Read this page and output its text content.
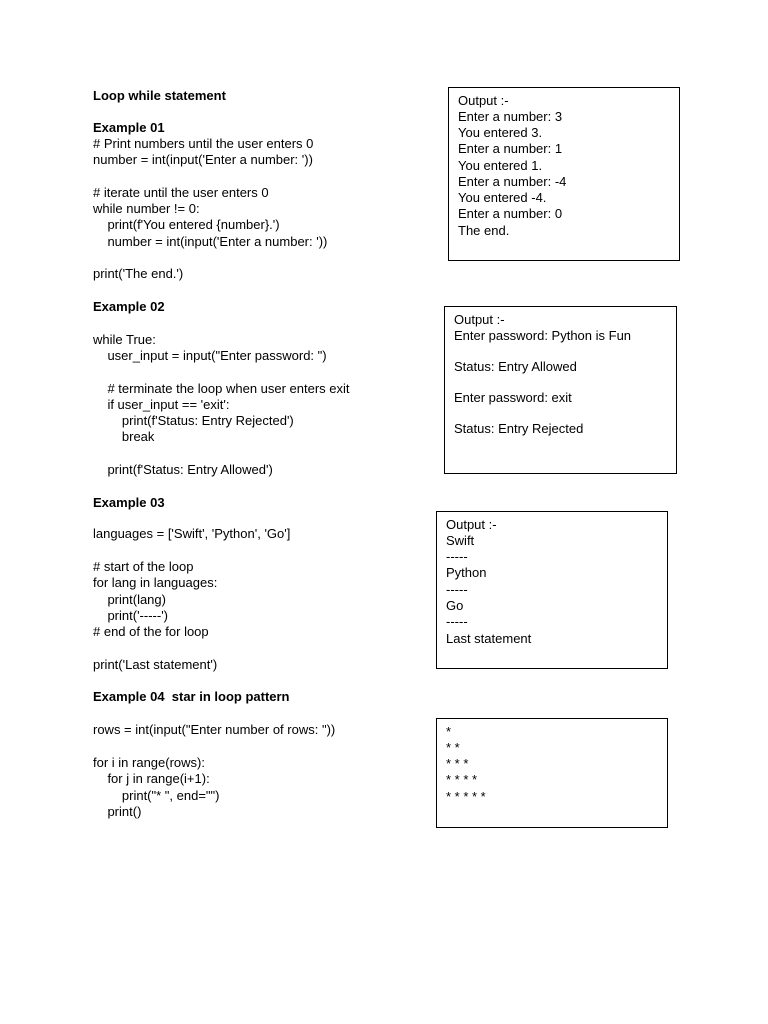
Loop while statement
Example 01
# Print numbers until the user enters 0
number = int(input('Enter a number: '))
# iterate until the user enters 0
while number != 0:
print(f'You entered {number}.')
number = int(input('Enter a number: '))
print('The end.')
Output :-
Enter a number: 3
You entered 3.
Enter a number: 1
You entered 1.
Enter a number: -4
You entered -4.
Enter a number: 0
The end.
Example 02
while True:
user_input = input("Enter password: ")
# terminate the loop when user enters exit
if user_input == 'exit':
print(f'Status: Entry Rejected')
break
print(f'Status: Entry Allowed')
Output :-
Enter password: Python is Fun
Status: Entry Allowed
Enter password: exit
Status: Entry Rejected
Example 03
languages = ['Swift', 'Python', 'Go']
# start of the loop
for lang in languages:
print(lang)
print('-----')
# end of the for loop
print('Last statement')
Output :-
Swift
-----
Python
-----
Go
-----
Last statement
Example 04  star in loop pattern
rows = int(input("Enter number of rows: "))
for i in range(rows):
for j in range(i+1):
print("* ", end="")
print()
*
* *
* * *
* * * *
* * * * *
